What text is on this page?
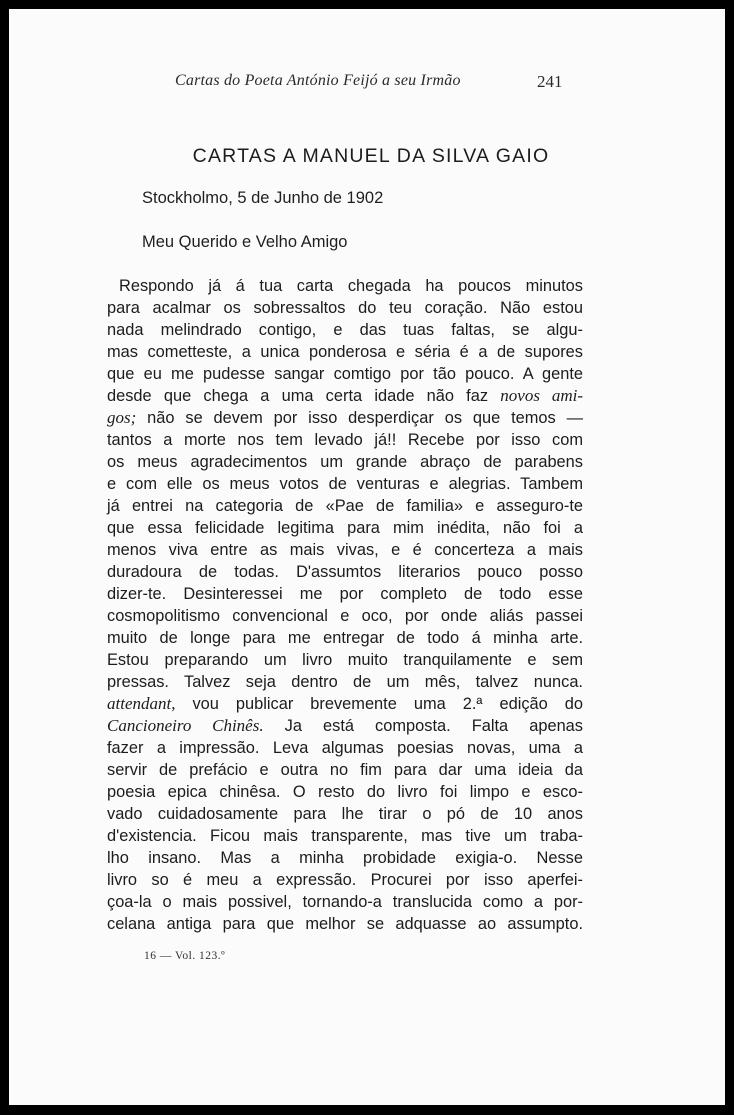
Cartas do Poeta António Feijó a seu Irmão	241
CARTAS A MANUEL DA SILVA GAIO
Stockholmo, 5 de Junho de 1902
Meu Querido e Velho Amigo
Respondo já á tua carta chegada ha poucos minutos
para acalmar os sobressaltos do teu coração. Não estou
nada melindrado contigo, e das tuas faltas, se algu-
mas cometteste, a unica ponderosa e séria é a de supores
que eu me pudesse sangar comtigo por tão pouco. A gente
desde que chega a uma certa idade não faz novos ami-
gos; não se devem por isso desperdiçar os que temos —
tantos a morte nos tem levado já!! Recebe por isso com
os meus agradecimentos um grande abraço de parabens
e com elle os meus votos de venturas e alegrias. Tambem
já entrei na categoria de «Pae de familia» e asseguro-te
que essa felicidade legitima para mim inédita, não foi a
menos viva entre as mais vivas, e é concerteza a mais
duradoura de todas. D'assumtos literarios pouco posso
dizer-te. Desinteressei me por completo de todo esse
cosmopolitismo convencional e oco, por onde aliás passei
muito de longe para me entregar de todo á minha arte.
Estou preparando um livro muito tranquilamente e sem
pressas. Talvez seja dentro de um mês, talvez nunca.
attendant, vou publicar brevemente uma 2.ª edição do
Cancioneiro Chinês. Ja está composta. Falta apenas
fazer a impressão. Leva algumas poesias novas, uma a
servir de prefácio e outra no fim para dar uma ideia da
poesia epica chinêsa. O resto do livro foi limpo e esco-
vado cuidadosamente para lhe tirar o pó de 10 anos
d'existencia. Ficou mais transparente, mas tive um traba-
lho insano. Mas a minha probidade exigia-o. Nesse
livro so é meu a expressão. Procurei por isso aperfei-
çoa-la o mais possivel, tornando-a translucida como a por-
celana antiga para que melhor se adquasse ao assumpto.
16 — Vol. 123.º
